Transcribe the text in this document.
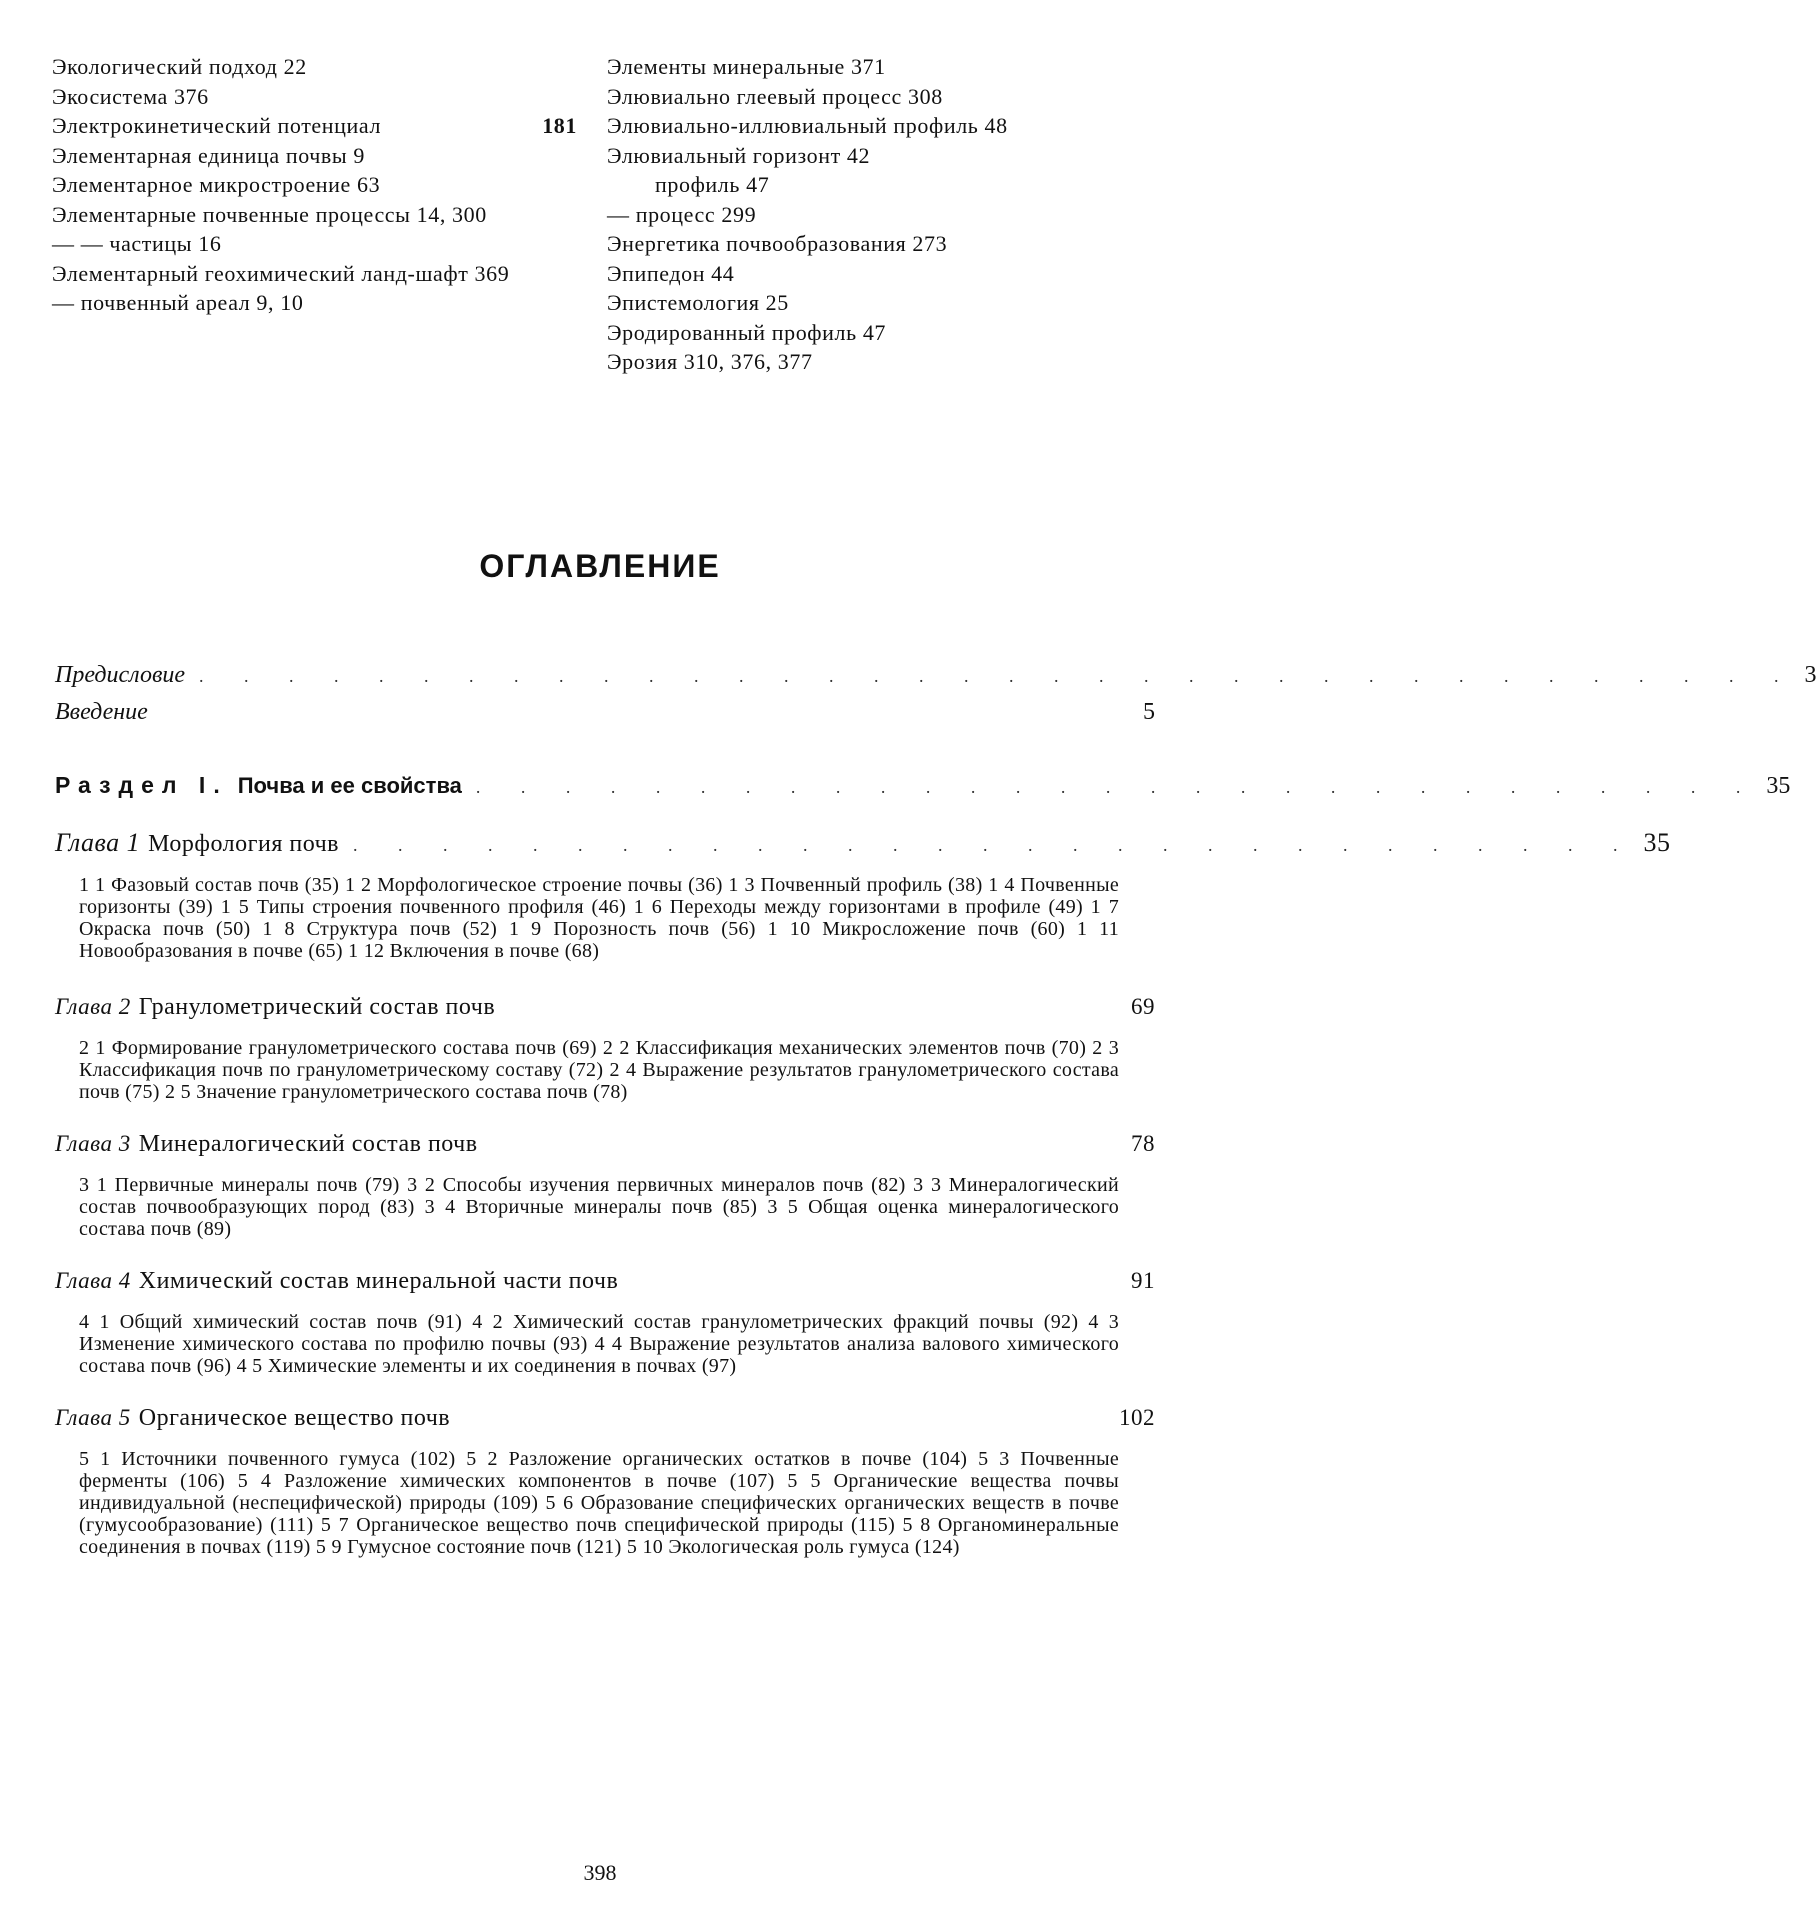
Экологический подход 22
Экосистема 376
Электрокинетический потенциал	181
Элементарная единица почвы 9
Элементарное микростроение 63
Элементарные почвенные процессы 14, 300
— — частицы 16
Элементарный геохимический ланд-шафт 369
— почвенный ареал 9, 10
Элементы минеральные 371
Элювиально глеевый процесс 308
Элювиально-иллювиальный профиль 48
Элювиальный горизонт 42
профиль 47
— процесс 299
Энергетика почвообразования 273
Эпипедон 44
Эпистемология 25
Эродированный профиль 47
Эрозия 310, 376, 377
ОГЛАВЛЕНИЕ
Предисловие . . . . . . . . . . . . . . . . . . . . . . . . . . . . . . . . . . . . 3
Введение	5
Раздел I. Почва и ее свойства . . . . . . . . . . . . . . . . . . . . . . . . . . . . . 35
Глава 1 Морфология почв . . . . . . . . . . . . . . . . . . . . . . . . . . . . . 35
1 1 Фазовый состав почв (35) 1 2 Морфологическое строение почвы (36) 1 3 Почвенный профиль (38) 1 4 Почвенные горизонты (39) 1 5 Типы строения почвенного профиля (46) 1 6 Переходы между горизонтами в профиле (49) 1 7 Окраска почв (50) 1 8 Структура почв (52) 1 9 Порозность почв (56) 1 10 Микросложение почв (60) 1 11 Новообразования в почве (65) 1 12 Включения в почве (68)
Глава 2 Гранулометрический состав почв	69
2 1 Формирование гранулометрического состава почв (69) 2 2 Классификация механических элементов почв (70) 2 3 Классификация почв по гранулометрическому составу (72) 2 4 Выражение результатов гранулометрического состава почв (75) 2 5 Значение гранулометрического состава почв (78)
Глава 3 Минералогический состав почв	78
3 1 Первичные минералы почв (79) 3 2 Способы изучения первичных минералов почв (82) 3 3 Минералогический состав почвообразующих пород (83) 3 4 Вторичные минералы почв (85) 3 5 Общая оценка минералогического состава почв (89)
Глава 4 Химический состав минеральной части почв	91
4 1 Общий химический состав почв (91) 4 2 Химический состав гранулометрических фракций почвы (92) 4 3 Изменение химического состава по профилю почвы (93) 4 4 Выражение результатов анализа валового химического состава почв (96) 4 5 Химические элементы и их соединения в почвах (97)
Глава 5 Органическое вещество почв	102
5 1 Источники почвенного гумуса (102) 5 2 Разложение органических остатков в почве (104) 5 3 Почвенные ферменты (106) 5 4 Разложение химических компонентов в почве (107) 5 5 Органические вещества почвы индивидуальной (неспецифической) природы (109) 5 6 Образование специфических органических веществ в почве (гумусообразование) (111) 5 7 Органическое вещество почв специфической природы (115) 5 8 Органоминеральные соединения в почвах (119) 5 9 Гумусное состояние почв (121) 5 10 Экологическая роль гумуса (124)
398
